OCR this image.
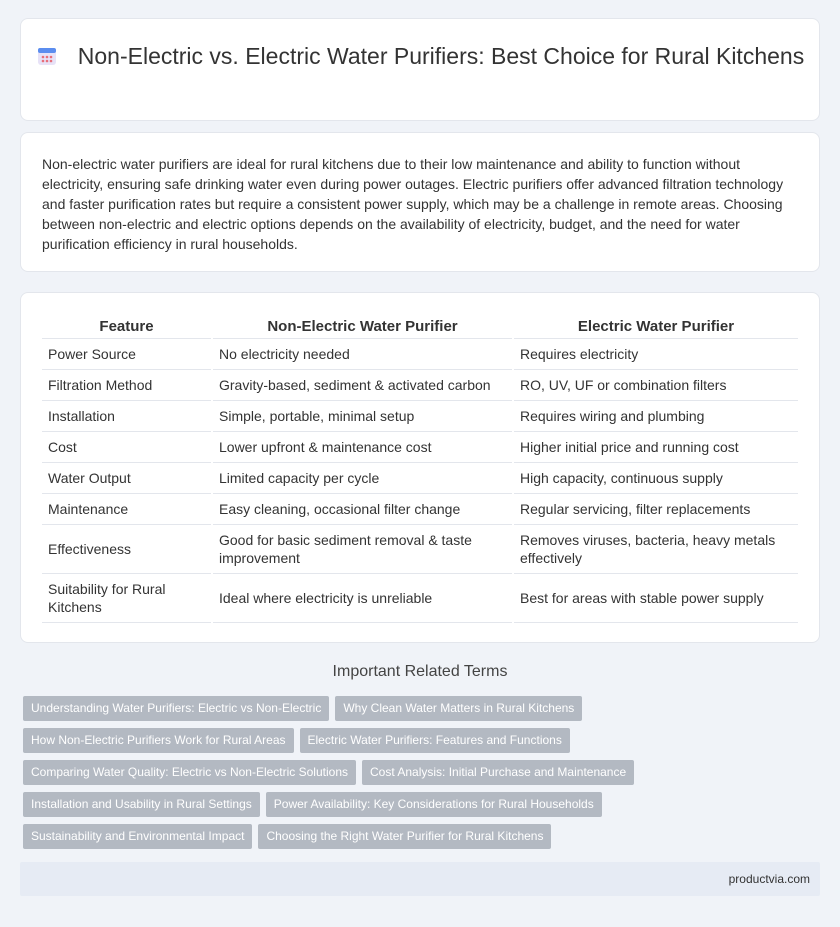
Non-Electric vs. Electric Water Purifiers: Best Choice for Rural Kitchens

Non-electric water purifiers are ideal for rural kitchens due to their low maintenance and ability to function without electricity, ensuring safe drinking water even during power outages. Electric purifiers offer advanced filtration technology and faster purification rates but require a consistent power supply, which may be a challenge in remote areas. Choosing between non-electric and electric options depends on the availability of electricity, budget, and the need for water purification efficiency in rural households.

Feature	Non-Electric Water Purifier	Electric Water Purifier
Power Source	No electricity needed	Requires electricity
Filtration Method	Gravity-based, sediment & activated carbon	RO, UV, UF or combination filters
Installation	Simple, portable, minimal setup	Requires wiring and plumbing
Cost	Lower upfront & maintenance cost	Higher initial price and running cost
Water Output	Limited capacity per cycle	High capacity, continuous supply
Maintenance	Easy cleaning, occasional filter change	Regular servicing, filter replacements
Effectiveness	Good for basic sediment removal & taste improvement	Removes viruses, bacteria, heavy metals effectively
Suitability for Rural Kitchens	Ideal where electricity is unreliable	Best for areas with stable power supply
Important Related Terms
Understanding Water Purifiers: Electric vs Non-Electric Why Clean Water Matters in Rural Kitchens
How Non-Electric Purifiers Work for Rural Areas Electric Water Purifiers: Features and Functions
Comparing Water Quality: Electric vs Non-Electric Solutions Cost Analysis: Initial Purchase and Maintenance
Installation and Usability in Rural Settings Power Availability: Key Considerations for Rural Households
Sustainability and Environmental Impact Choosing the Right Water Purifier for Rural Kitchens
productvia.com
